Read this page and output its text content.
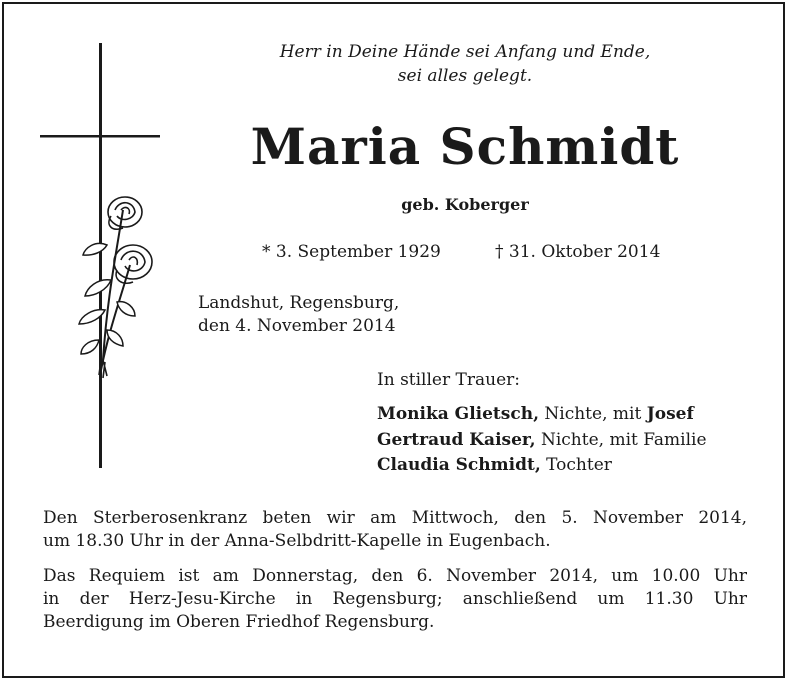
Herr in Deine Hände sei Anfang und Ende,
sei alles gelegt.
Maria Schmidt
geb. Koberger
* 3. September 1929	† 31. Oktober 2014
Landshut, Regensburg,
den 4. November 2014
In stiller Trauer:
Monika Glietsch, Nichte, mit Josef
Gertraud Kaiser, Nichte, mit Familie
Claudia Schmidt, Tochter
Den Sterberosenkranz beten wir am Mittwoch, den 5. November 2014,
um 18.30 Uhr in der Anna-Selbdritt-Kapelle in Eugenbach.
Das Requiem ist am Donnerstag, den 6. November 2014, um 10.00 Uhr
in der Herz-Jesu-Kirche in Regensburg; anschließend um 11.30 Uhr
Beerdigung im Oberen Friedhof Regensburg.
